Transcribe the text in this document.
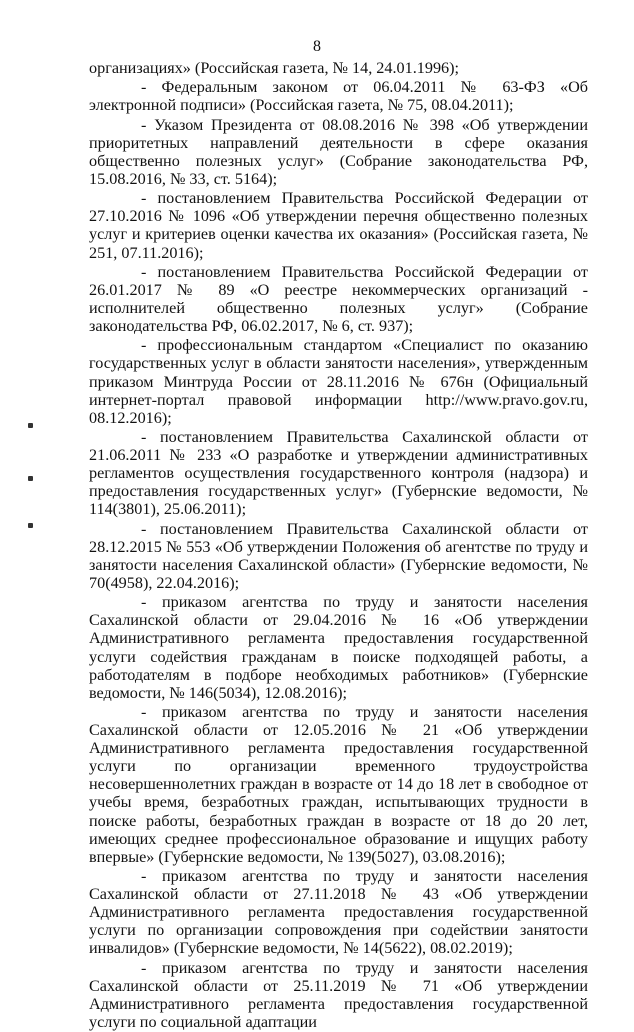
8

организациях» (Российская газета, № 14, 24.01.1996);

- Федеральным законом от 06.04.2011 № 63-ФЗ «Об электронной подписи» (Российская газета, № 75, 08.04.2011);

- Указом Президента от 08.08.2016 № 398 «Об утверждении приоритетных направлений деятельности в сфере оказания общественно полезных услуг» (Собрание законодательства РФ, 15.08.2016, № 33, ст. 5164);

- постановлением Правительства Российской Федерации от 27.10.2016 № 1096 «Об утверждении перечня общественно полезных услуг и критериев оценки качества их оказания» (Российская газета, № 251, 07.11.2016);

- постановлением Правительства Российской Федерации от 26.01.2017 № 89 «О реестре некоммерческих организаций - исполнителей общественно полезных услуг» (Собрание законодательства РФ, 06.02.2017, № 6, ст. 937);

- профессиональным стандартом «Специалист по оказанию государственных услуг в области занятости населения», утвержденным приказом Минтруда России от 28.11.2016 № 676н (Официальный интернет-портал правовой информации http://www.pravo.gov.ru, 08.12.2016);

- постановлением Правительства Сахалинской области от 21.06.2011 № 233 «О разработке и утверждении административных регламентов осуществления государственного контроля (надзора) и предоставления государственных услуг» (Губернские ведомости, № 114(3801), 25.06.2011);

- постановлением Правительства Сахалинской области от 28.12.2015 № 553 «Об утверждении Положения об агентстве по труду и занятости населения Сахалинской области» (Губернские ведомости, № 70(4958), 22.04.2016);

- приказом агентства по труду и занятости населения Сахалинской области от 29.04.2016 № 16 «Об утверждении Административного регламента предоставления государственной услуги содействия гражданам в поиске подходящей работы, а работодателям в подборе необходимых работников» (Губернские ведомости, № 146(5034), 12.08.2016);

- приказом агентства по труду и занятости населения Сахалинской области от 12.05.2016 № 21 «Об утверждении Административного регламента предоставления государственной услуги по организации временного трудоустройства несовершеннолетних граждан в возрасте от 14 до 18 лет в свободное от учебы время, безработных граждан, испытывающих трудности в поиске работы, безработных граждан в возрасте от 18 до 20 лет, имеющих среднее профессиональное образование и ищущих работу впервые» (Губернские ведомости, № 139(5027), 03.08.2016);

- приказом агентства по труду и занятости населения Сахалинской области от 27.11.2018 № 43 «Об утверждении Административного регламента предоставления государственной услуги по организации сопровождения при содействии занятости инвалидов» (Губернские ведомости, № 14(5622), 08.02.2019);

- приказом агентства по труду и занятости населения Сахалинской области от 25.11.2019 № 71 «Об утверждении Административного регламента предоставления государственной услуги по социальной адаптации
